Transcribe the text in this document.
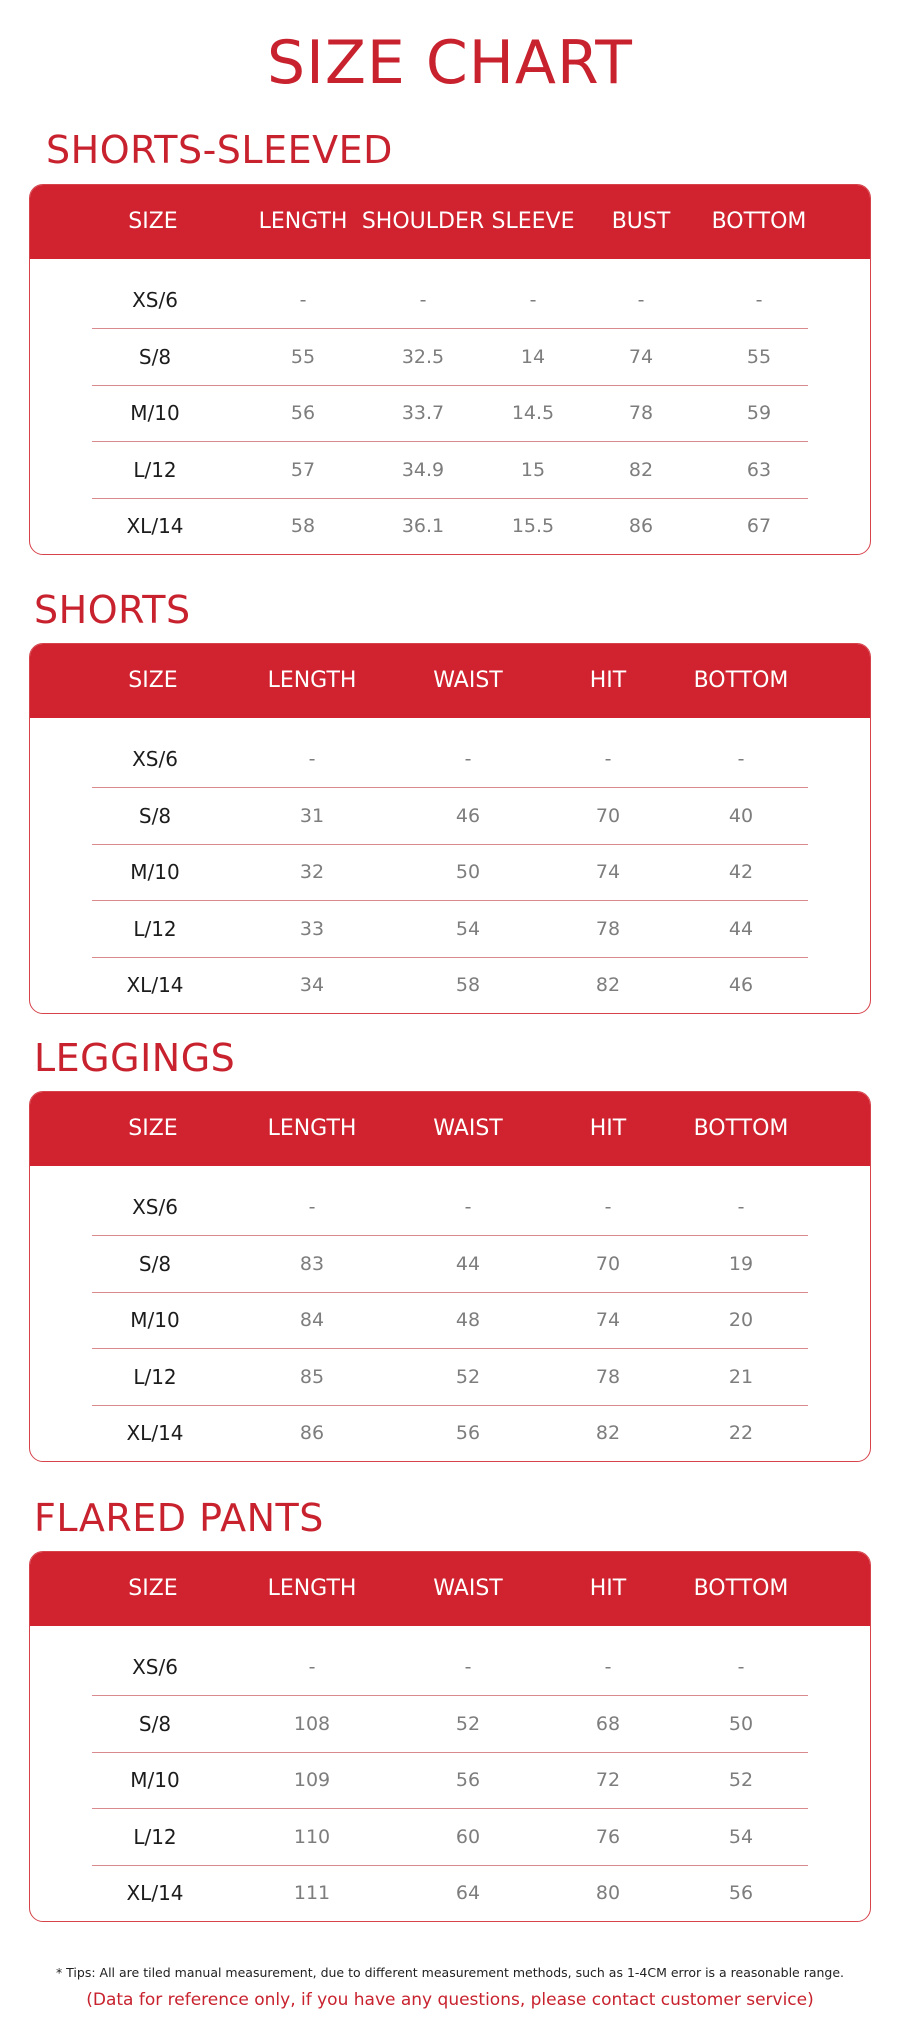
SIZE CHART
SHORTS-SLEEVED
SIZE	LENGTH SHOULDER SLEEVE BUST BOTTOM
XS/6	-	-	-	-	-
S/8	55	32.5	14	74	55
M/10	56	33.7	14.5	78	59
L/12	57	34.9	15	82	63
XL/14	58	36.1	15.5	86	67
SHORTS
SIZE	LENGTH	WAIST	HIT	BOTTOM
XS/6	-	-	-	-
S/8	31	46	70	40
M/10	32	50	74	42
L/12	33	54	78	44
XL/14	34	58	82	46
LEGGINGS
SIZE	LENGTH	WAIST	HIT	BOTTOM
XS/6	-	-	-	-
S/8	83	44	70	19
M/10	84	48	74	20
L/12	85	52	78	21
XL/14	86	56	82	22
FLARED PANTS
SIZE	LENGTH	WAIST	HIT	BOTTOM
XS/6	-	-	-	-
S/8	108	52	68	50
M/10	109	56	72	52
L/12	110	60	76	54
XL/14	111	64	80	56
* Tips: All are tiled manual measurement, due to different measurement methods, such as 1-4CM error is a reasonable range.
(Data for reference only, if you have any questions, please contact customer service)
